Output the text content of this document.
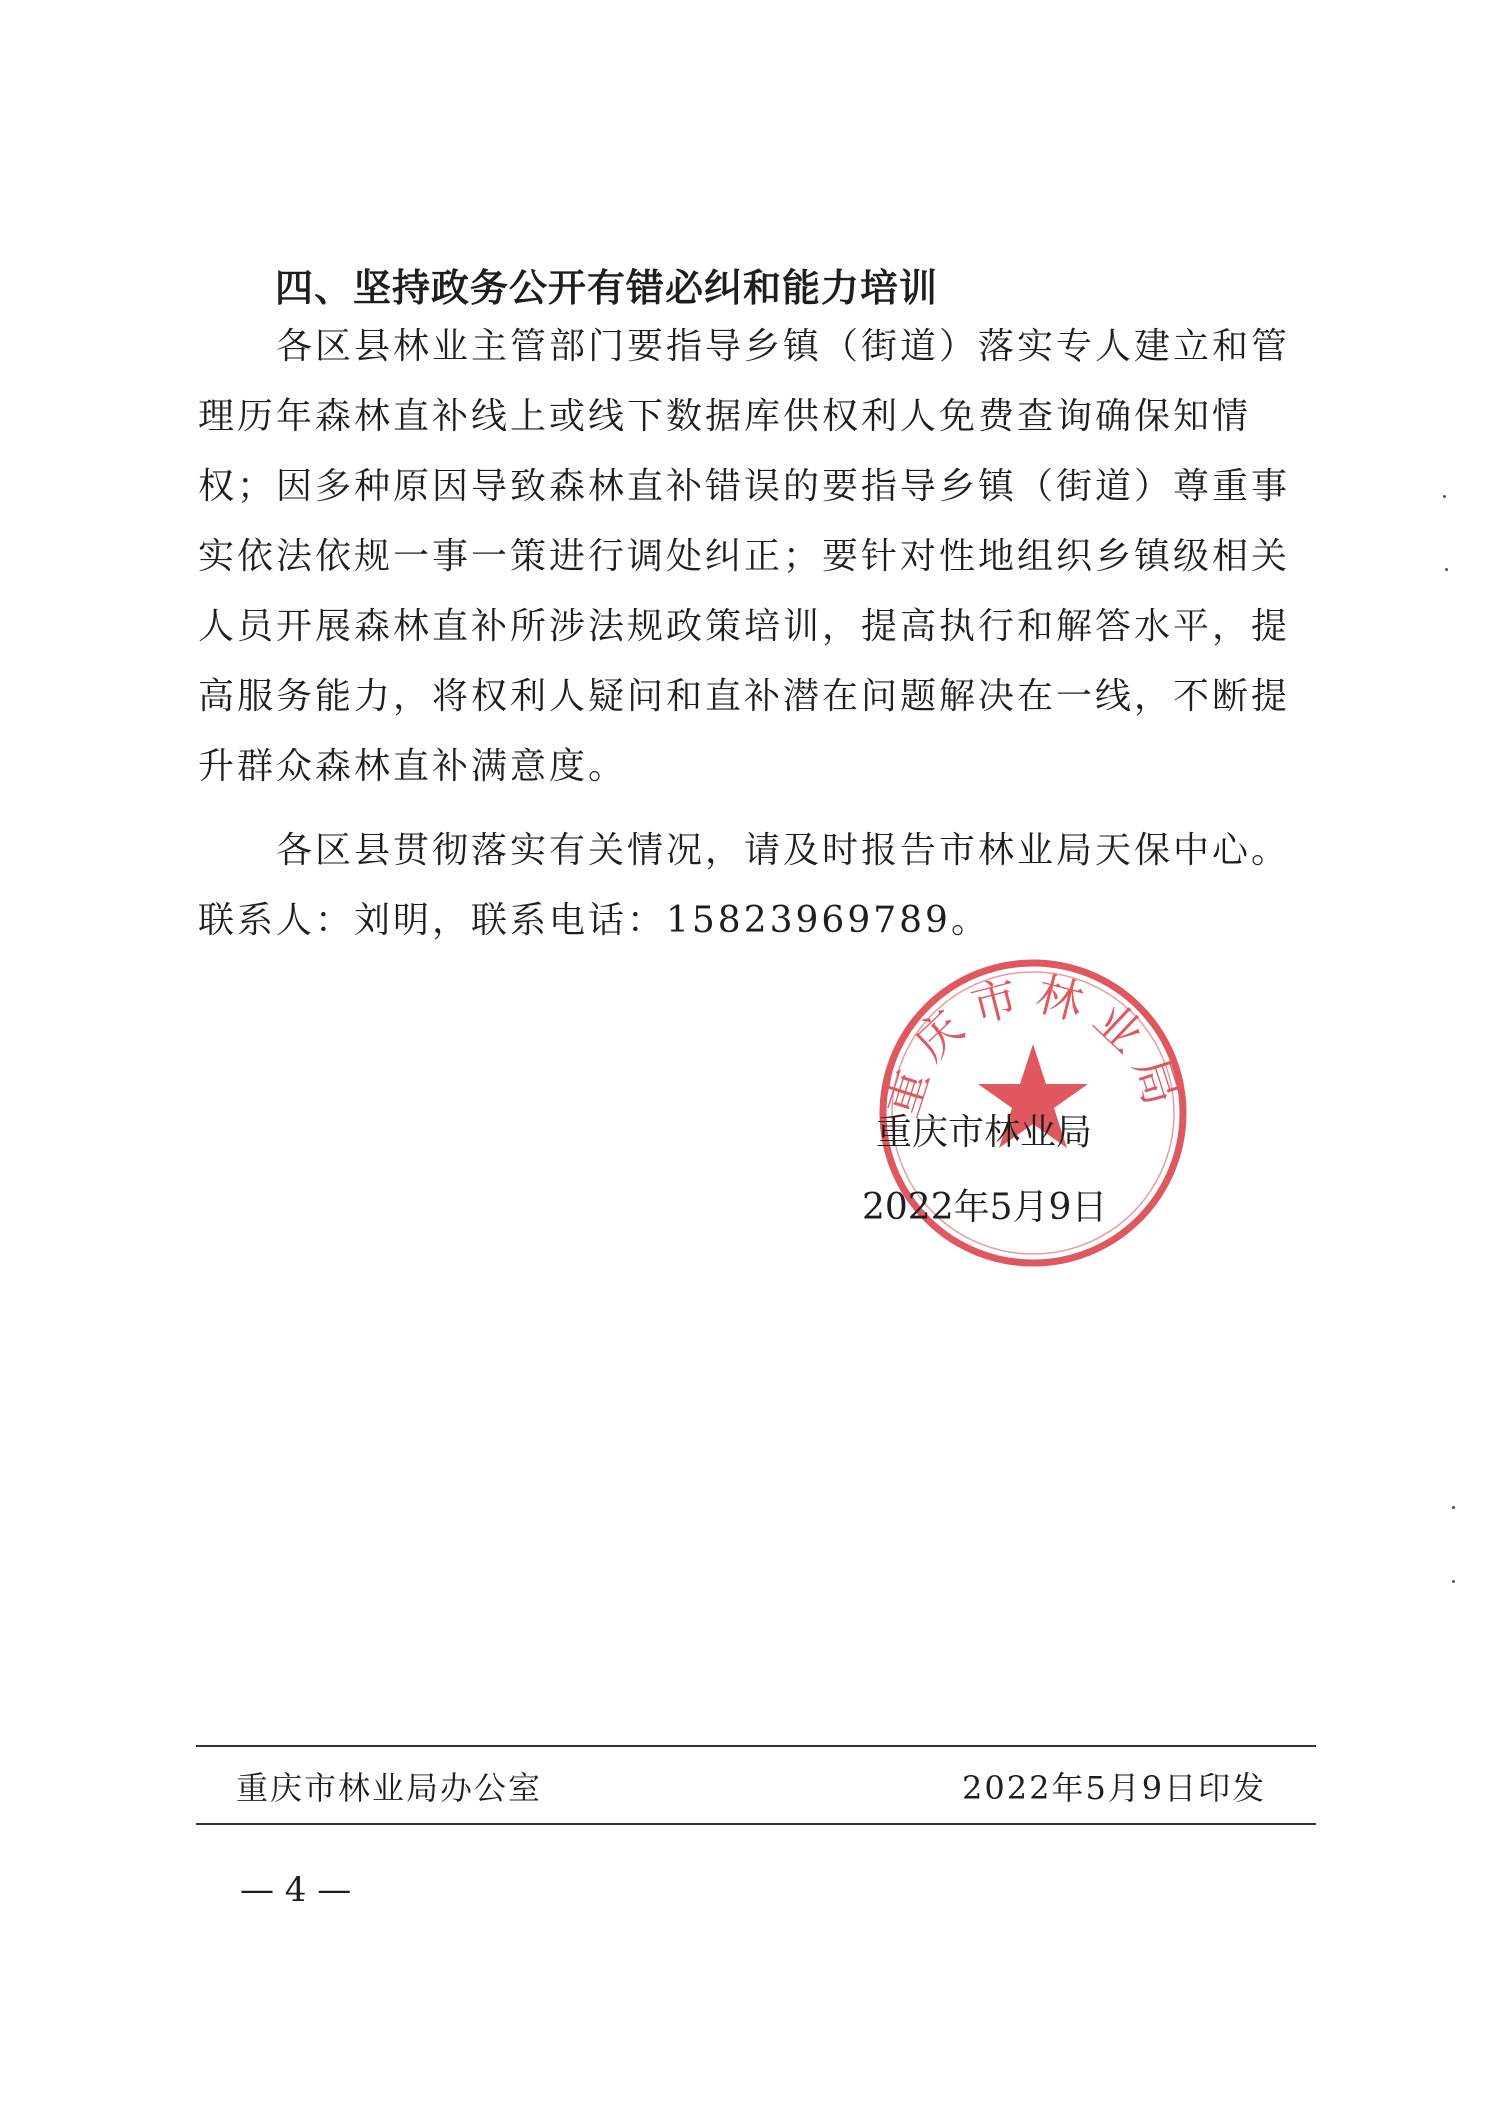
四、坚持政务公开有错必纠和能力培训
各区县林业主管部门要指导乡镇（街道）落实专人建立和管
理历年森林直补线上或线下数据库供权利人免费查询确保知情
权；因多种原因导致森林直补错误的要指导乡镇（街道）尊重事
实依法依规一事一策进行调处纠正；要针对性地组织乡镇级相关
人员开展森林直补所涉法规政策培训，提高执行和解答水平，提
高服务能力，将权利人疑问和直补潜在问题解决在一线，不断提
升群众森林直补满意度。
各区县贯彻落实有关情况，请及时报告市林业局天保中心。
联系人：刘明，联系电话：15823969789。
重庆市林业局
重庆市林业局
2022年5月9日
重庆市林业局办公室	2022年5月9日印发
— 4 —
